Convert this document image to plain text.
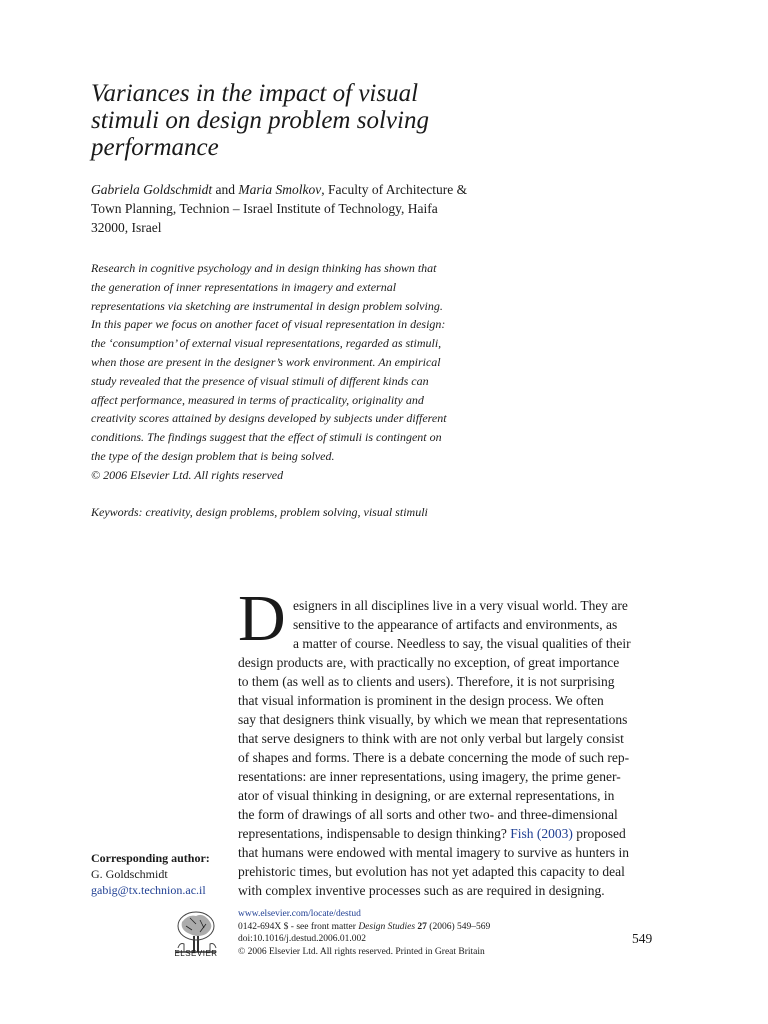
Variances in the impact of visual
stimuli on design problem solving
performance
Gabriela Goldschmidt and Maria Smolkov, Faculty of Architecture &
Town Planning, Technion – Israel Institute of Technology, Haifa
32000, Israel
Research in cognitive psychology and in design thinking has shown that
the generation of inner representations in imagery and external
representations via sketching are instrumental in design problem solving.
In this paper we focus on another facet of visual representation in design:
the ‘consumption’ of external visual representations, regarded as stimuli,
when those are present in the designer’s work environment. An empirical
study revealed that the presence of visual stimuli of different kinds can
affect performance, measured in terms of practicality, originality and
creativity scores attained by designs developed by subjects under different
conditions. The findings suggest that the effect of stimuli is contingent on
the type of the design problem that is being solved.
© 2006 Elsevier Ltd. All rights reserved
Keywords: creativity, design problems, problem solving, visual stimuli
D esigners in all disciplines live in a very visual world. They are
sensitive to the appearance of artifacts and environments, as
a matter of course. Needless to say, the visual qualities of their
design products are, with practically no exception, of great importance
to them (as well as to clients and users). Therefore, it is not surprising
that visual information is prominent in the design process. We often
say that designers think visually, by which we mean that representations
that serve designers to think with are not only verbal but largely consist
of shapes and forms. There is a debate concerning the mode of such rep-
resentations: are inner representations, using imagery, the prime gener-
ator of visual thinking in designing, or are external representations, in
the form of drawings of all sorts and other two- and three-dimensional
representations, indispensable to design thinking? Fish (2003) proposed
that humans were endowed with mental imagery to survive as hunters in
prehistoric times, but evolution has not yet adapted this capacity to deal
with complex inventive processes such as are required in designing.
Corresponding author:
G. Goldschmidt
gabig@tx.technion.ac.il
ELSEVIER
www.elsevier.com/locate/destud
0142-694X $ - see front matter Design Studies 27 (2006) 549–569
doi:10.1016/j.destud.2006.01.002
© 2006 Elsevier Ltd. All rights reserved. Printed in Great Britain
549
